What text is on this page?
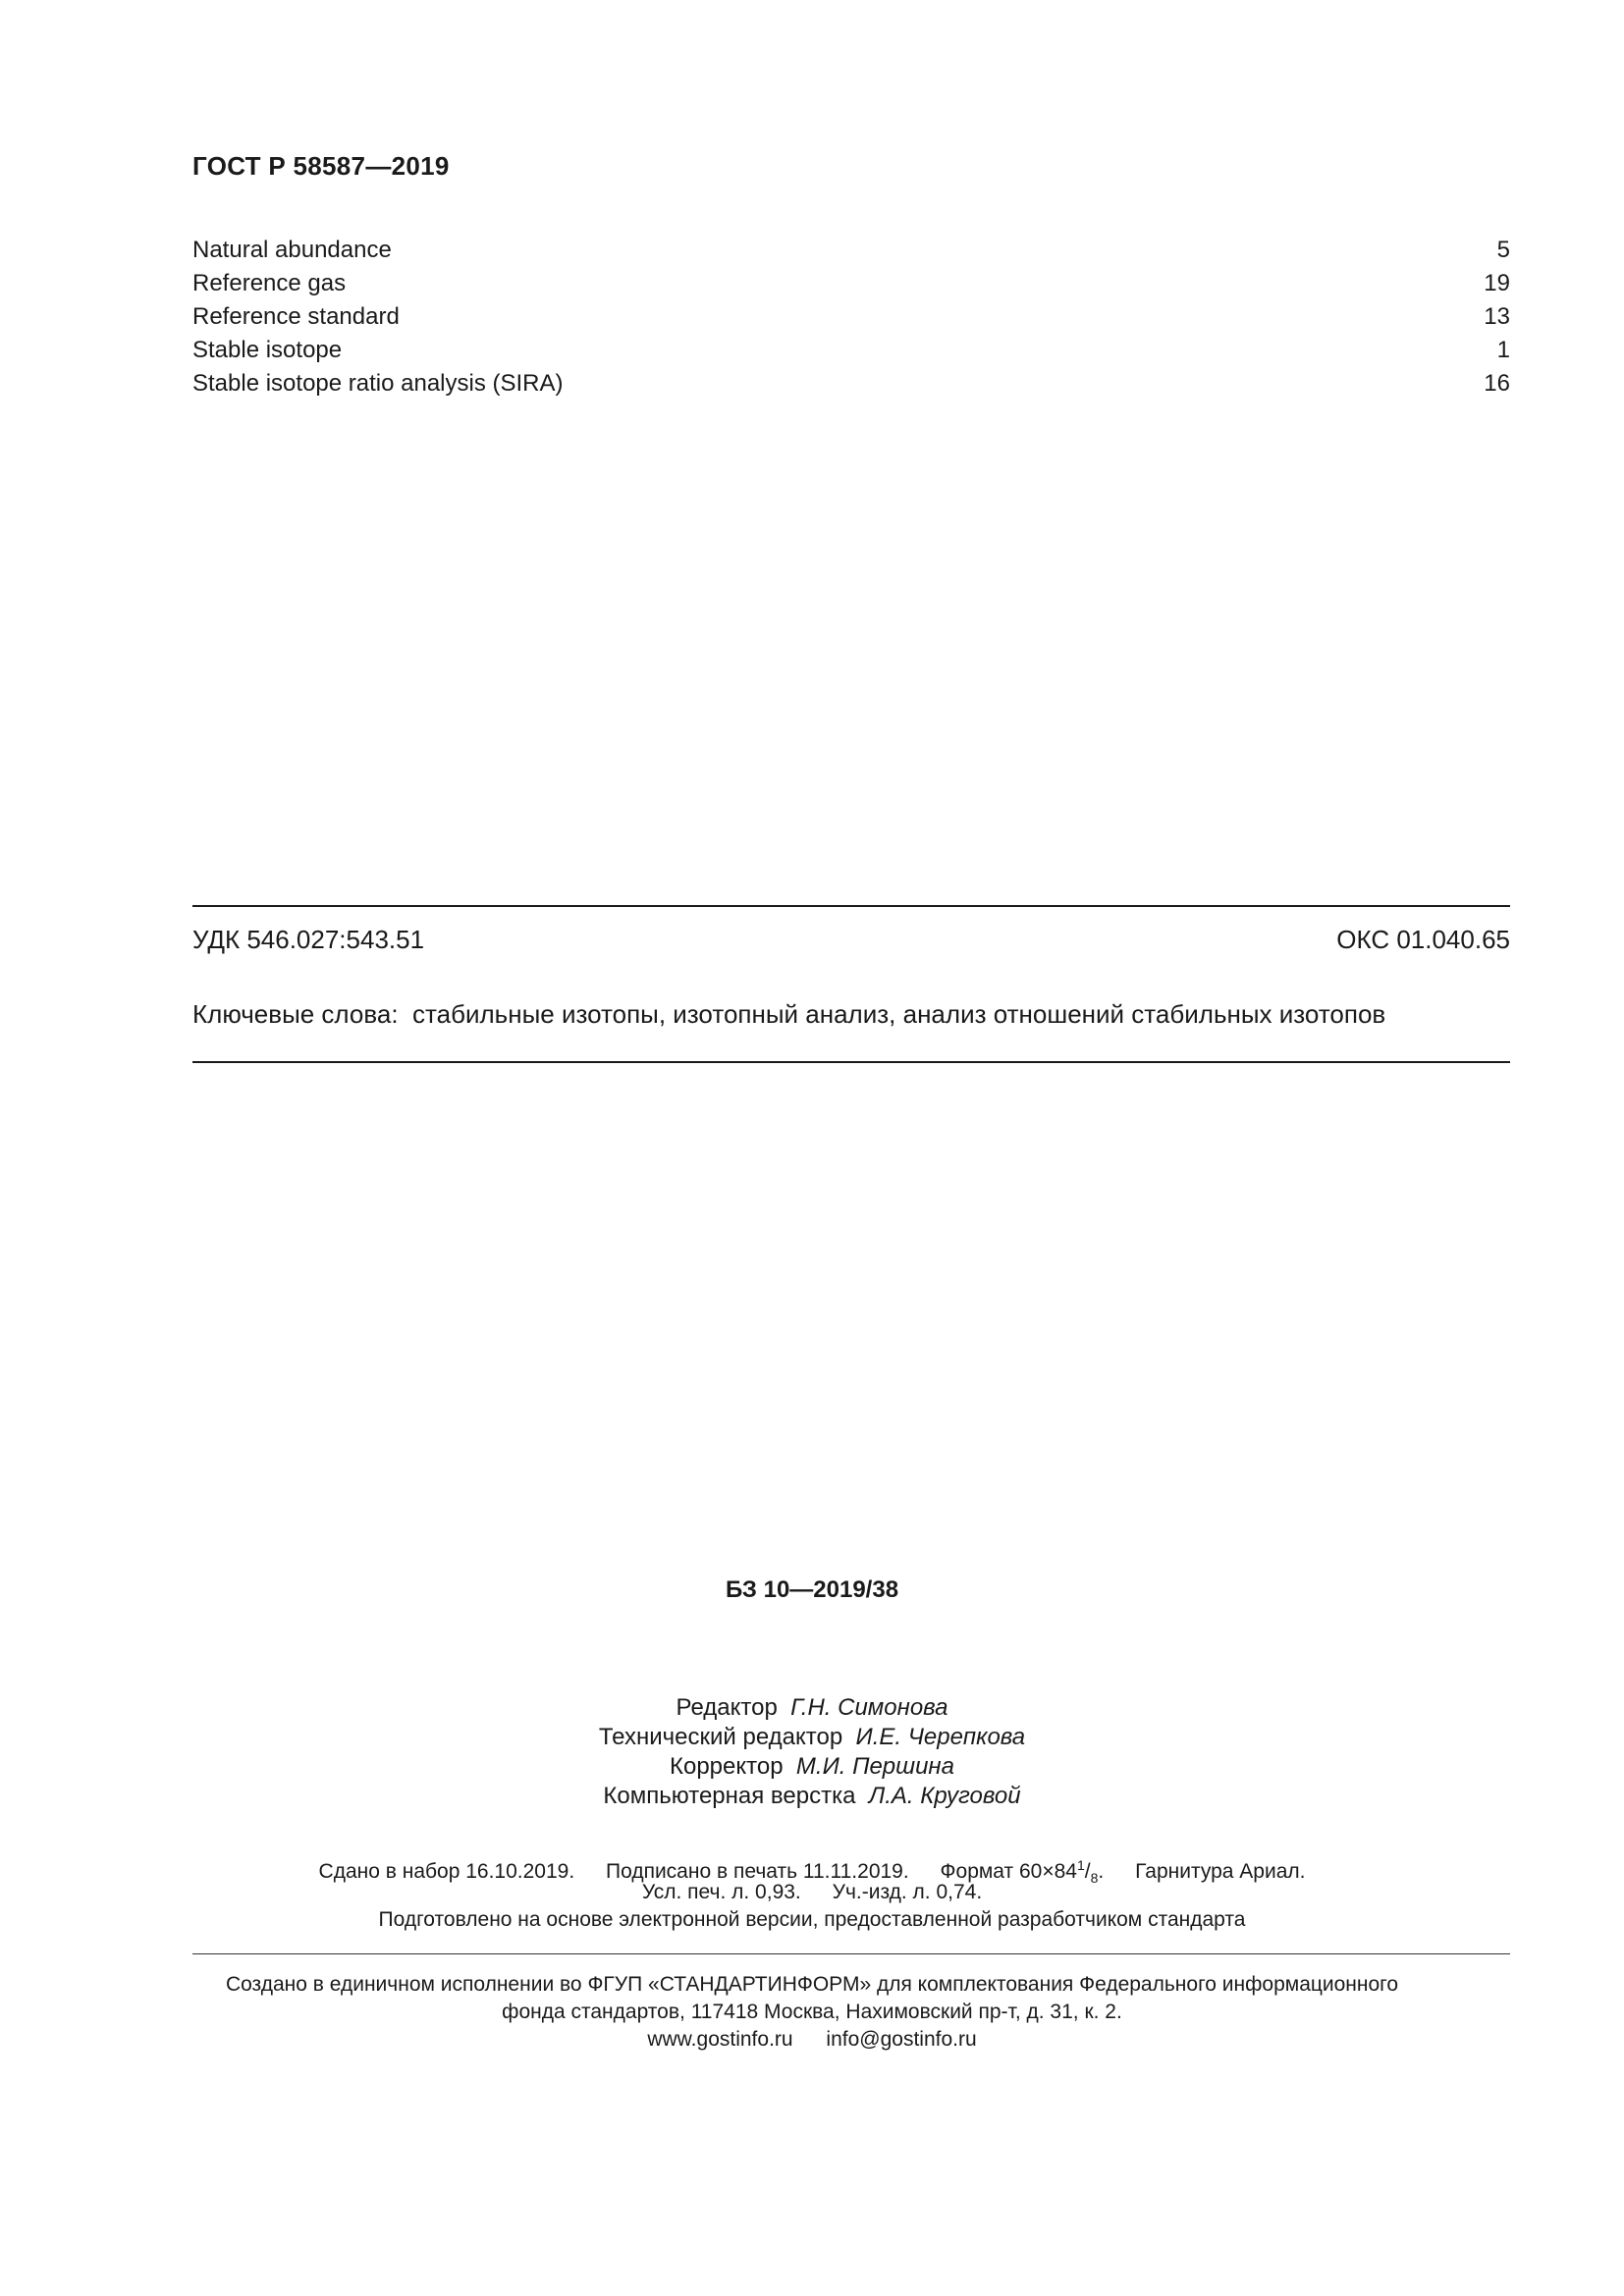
ГОСТ Р 58587—2019
Natural abundance	5
Reference gas	19
Reference standard	13
Stable isotope	1
Stable isotope ratio analysis (SIRA)	16
УДК 546.027:543.51	ОКС 01.040.65
Ключевые слова: стабильные изотопы, изотопный анализ, анализ отношений стабильных изотопов
БЗ 10—2019/38
Редактор Г.Н. Симонова
Технический редактор И.Е. Черепкова
Корректор М.И. Першина
Компьютерная верстка Л.А. Круговой
Сдано в набор 16.10.2019. Подписано в печать 11.11.2019. Формат $60\times 84^1/_8$. Гарнитура Ариал.
Усл. печ. л. 0,93. Уч.-изд. л. 0,74.
Подготовлено на основе электронной версии, предоставленной разработчиком стандарта
Создано в единичном исполнении во ФГУП «СТАНДАРТИНФОРМ» для комплектования Федерального информационного
фонда стандартов, 117418 Москва, Нахимовский пр-т, д. 31, к. 2.
www.gostinfo.ru info@gostinfo.ru
